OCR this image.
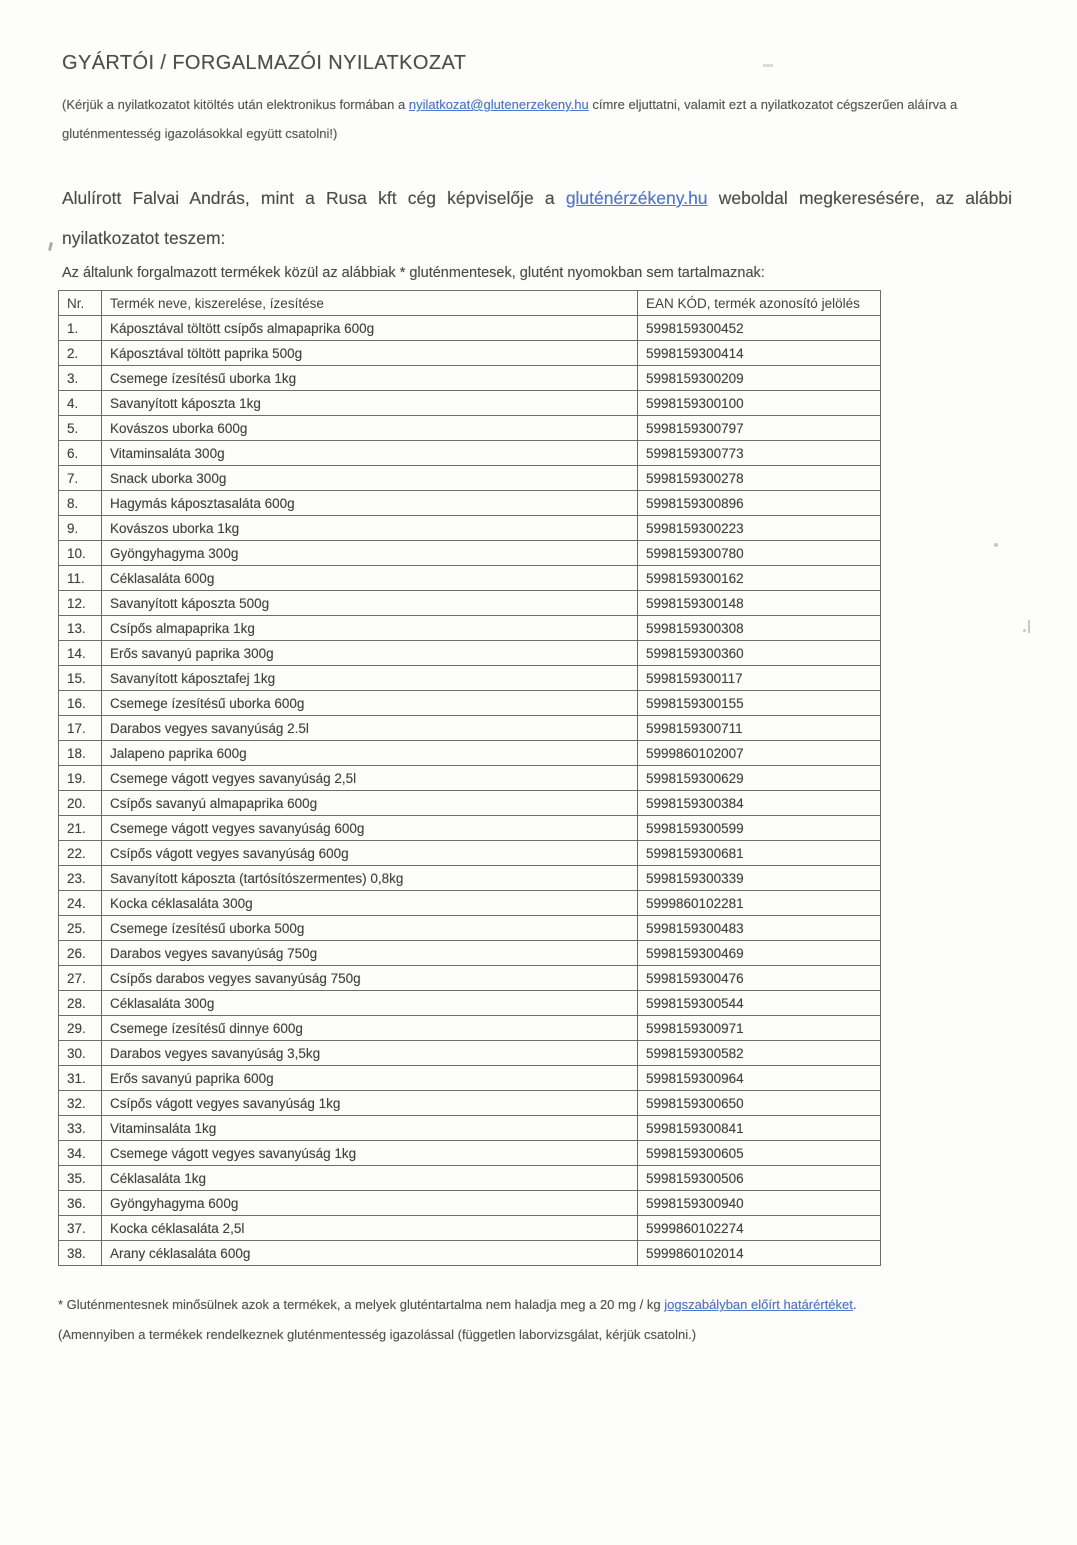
GYÁRTÓI / FORGALMAZÓI NYILATKOZAT

(Kérjük a nyilatkozatot kitöltés után elektronikus formában a nyilatkozat@glutenerzekeny.hu címre eljuttatni, valamit ezt a nyilatkozatot cégszerűen aláírva a gluténmentesség igazolásokkal együtt csatolni!)

Alulírott Falvai András, mint a Rusa kft cég képviselője a gluténérzékeny.hu weboldal megkeresésére, az alábbi nyilatkozatot teszem:

Az általunk forgalmazott termékek közül az alábbiak * gluténmentesek, glutént nyomokban sem tartalmaznak:

Nr.	Termék neve, kiszerelése, ízesítése	EAN KÓD, termék azonosító jelölés
1.	Káposztával töltött csípős almapaprika 600g	5998159300452
2.	Káposztával töltött paprika 500g	5998159300414
3.	Csemege ízesítésű uborka 1kg	5998159300209
4.	Savanyított káposzta 1kg	5998159300100
5.	Kovászos uborka 600g	5998159300797
6.	Vitaminsaláta 300g	5998159300773
7.	Snack uborka 300g	5998159300278
8.	Hagymás káposztasaláta 600g	5998159300896
9.	Kovászos uborka 1kg	5998159300223
10.	Gyöngyhagyma 300g	5998159300780
11.	Céklasaláta 600g	5998159300162
12.	Savanyított káposzta 500g	5998159300148
13.	Csípős almapaprika 1kg	5998159300308
14.	Erős savanyú paprika 300g	5998159300360
15.	Savanyított káposztafej 1kg	5998159300117
16.	Csemege ízesítésű uborka 600g	5998159300155
17.	Darabos vegyes savanyúság 2.5l	5998159300711
18.	Jalapeno paprika 600g	5999860102007
19.	Csemege vágott vegyes savanyúság 2,5l	5998159300629
20.	Csípős savanyú almapaprika 600g	5998159300384
21.	Csemege vágott vegyes savanyúság 600g	5998159300599
22.	Csípős vágott vegyes savanyúság 600g	5998159300681
23.	Savanyított káposzta (tartósítószermentes) 0,8kg	5998159300339
24.	Kocka céklasaláta 300g	5999860102281
25.	Csemege ízesítésű uborka 500g	5998159300483
26.	Darabos vegyes savanyúság 750g	5998159300469
27.	Csípős darabos vegyes savanyúság 750g	5998159300476
28.	Céklasaláta 300g	5998159300544
29.	Csemege ízesítésű dinnye 600g	5998159300971
30.	Darabos vegyes savanyúság 3,5kg	5998159300582
31.	Erős savanyú paprika 600g	5998159300964
32.	Csípős vágott vegyes savanyúság 1kg	5998159300650
33.	Vitaminsaláta 1kg	5998159300841
34.	Csemege vágott vegyes savanyúság 1kg	5998159300605
35.	Céklasaláta 1kg	5998159300506
36.	Gyöngyhagyma 600g	5998159300940
37.	Kocka céklasaláta 2,5l	5999860102274
38.	Arany céklasaláta 600g	5999860102014

* Gluténmentesnek minősülnek azok a termékek, a melyek gluténtartalma nem haladja meg a 20 mg / kg jogszabályban előírt határértéket.
(Amennyiben a termékek rendelkeznek gluténmentesség igazolással (független laborvizsgálat, kérjük csatolni.)
